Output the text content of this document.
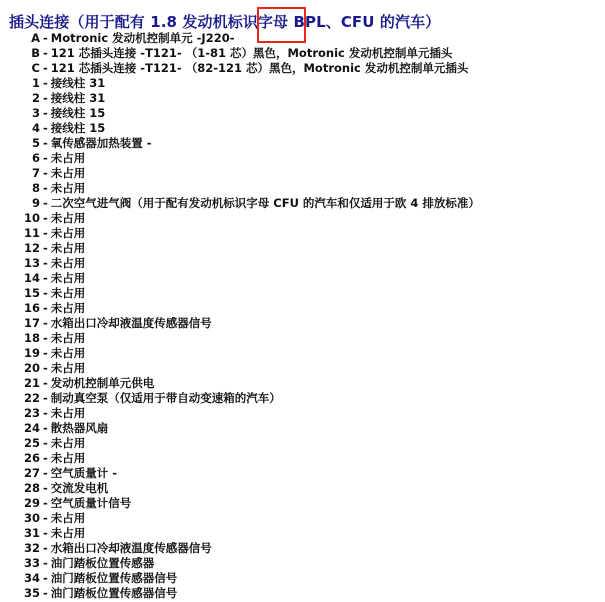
插头连接（用于配有 1.8 发动机标识字母 BPL、CFU 的汽车）
A - Motronic 发动机控制单元 -J220-
B - 121 芯插头连接 -T121- （1-81 芯）黑色，Motronic 发动机控制单元插头
C - 121 芯插头连接 -T121- （82-121 芯）黑色，Motronic 发动机控制单元插头
1 - 接线柱 31
2 - 接线柱 31
3 - 接线柱 15
4 - 接线柱 15
5 - 氧传感器加热装置 -
6 - 未占用
7 - 未占用
8 - 未占用
9 - 二次空气进气阀（用于配有发动机标识字母 CFU 的汽车和仅适用于欧 4 排放标准）
10 - 未占用
11 - 未占用
12 - 未占用
13 - 未占用
14 - 未占用
15 - 未占用
16 - 未占用
17 - 水箱出口冷却液温度传感器信号
18 - 未占用
19 - 未占用
20 - 未占用
21 - 发动机控制单元供电
22 - 制动真空泵（仅适用于带自动变速箱的汽车）
23 - 未占用
24 - 散热器风扇
25 - 未占用
26 - 未占用
27 - 空气质量计 -
28 - 交流发电机
29 - 空气质量计信号
30 - 未占用
31 - 未占用
32 - 水箱出口冷却液温度传感器信号
33 - 油门踏板位置传感器
34 - 油门踏板位置传感器信号
35 - 油门踏板位置传感器信号
